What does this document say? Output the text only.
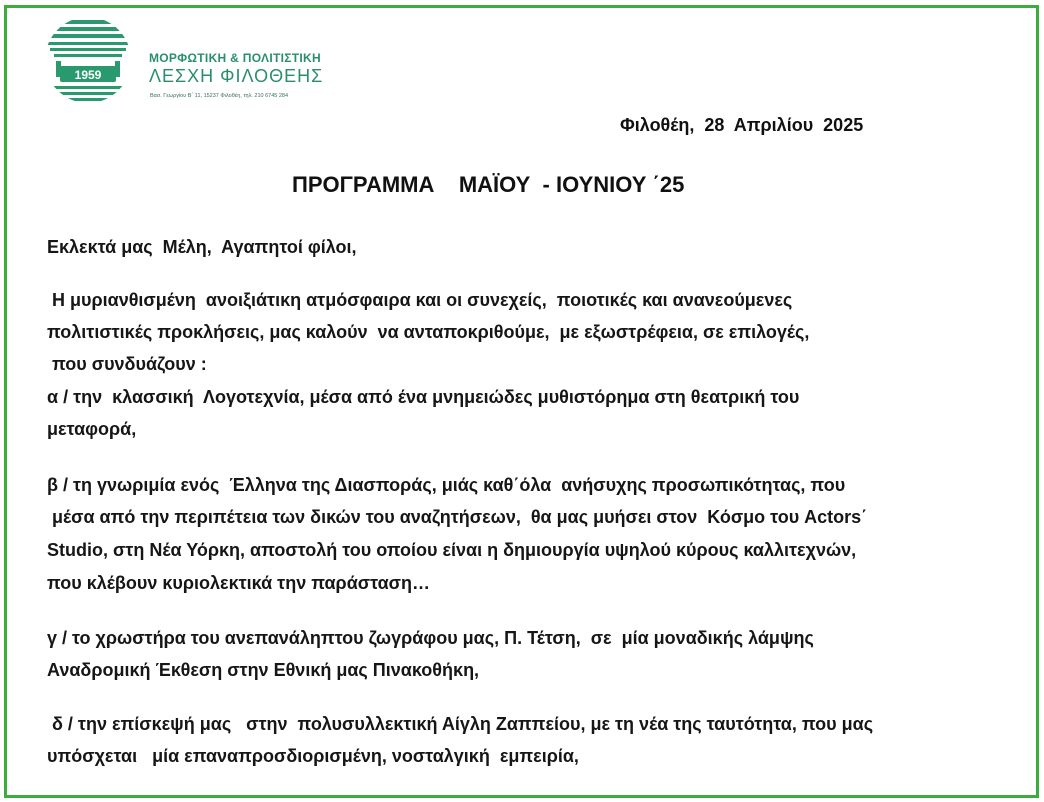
1959
ΜΟΡΦΩΤΙΚΗ & ΠΟΛΙΤΙΣΤΙΚΗ
ΛΕΣΧΗ ΦΙΛΟΘΕΗΣ
Βασ. Γεωργίου Β΄ 11, 15237 Φιλοθέη, τηλ. 210 6745 284
Φιλοθέη,  28  Απριλίου  2025
ΠΡΟΓΡΑΜΜΑ    ΜΑΪΟΥ  - ΙΟΥΝΙΟΥ ΄25
Εκλεκτά μας  Μέλη,  Αγαπητοί φίλοι,
Η μυριανθισμένη  ανοιξιάτικη ατμόσφαιρα και οι συνεχείς,  ποιοτικές και ανανεούμενες
πολιτιστικές προκλήσεις, μας καλούν  να ανταποκριθούμε,  με εξωστρέφεια, σε επιλογές,
που συνδυάζουν :
α / την  κλασσική  Λογοτεχνία, μέσα από ένα μνημειώδες μυθιστόρημα στη θεατρική του
μεταφορά,
β / τη γνωριμία ενός  Έλληνα της Διασποράς, μιάς καθ΄όλα  ανήσυχης προσωπικότητας, που
μέσα από την περιπέτεια των δικών του αναζητήσεων,  θα μας μυήσει στον  Κόσμο του Actors΄
Studio, στη Νέα Υόρκη, αποστολή του οποίου είναι η δημιουργία υψηλού κύρους καλλιτεχνών,
που κλέβουν κυριολεκτικά την παράσταση…
γ / το χρωστήρα του ανεπανάληπτου ζωγράφου μας, Π. Τέτση,  σε  μία μοναδικής λάμψης
Αναδρομική Έκθεση στην Εθνική μας Πινακοθήκη,
δ / την επίσκεψή μας   στην  πολυσυλλεκτική Αίγλη Ζαππείου, με τη νέα της ταυτότητα, που μας
υπόσχεται   μία επαναπροσδιορισμένη, νοσταλγική  εμπειρία,
